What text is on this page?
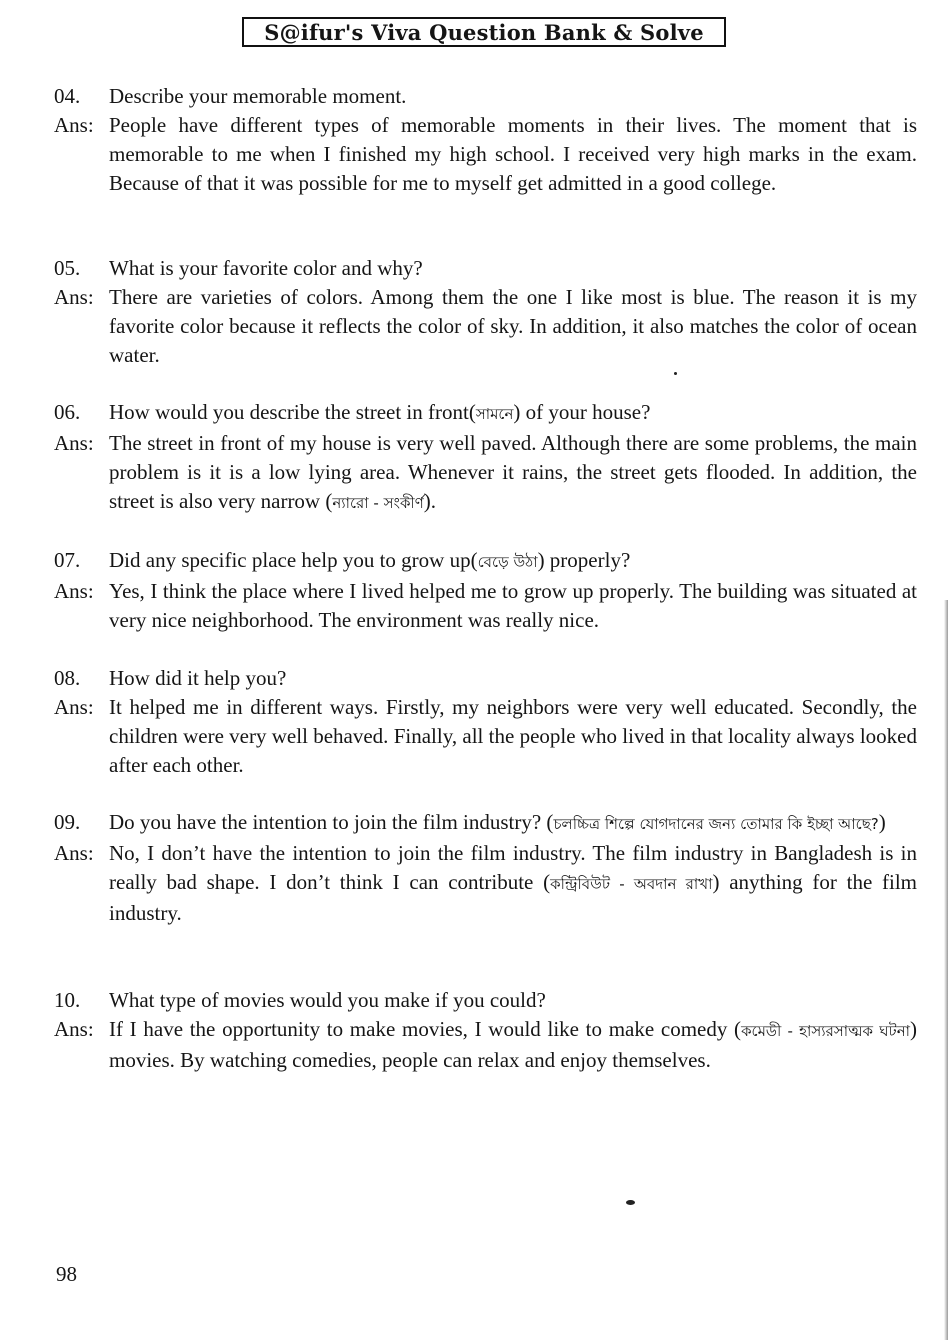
S@ifur's Viva Question Bank & Solve
04.	Describe your memorable moment.
Ans: People have different types of memorable moments in their lives. The moment that is memorable to me when I finished my high school. I received very high marks in the exam. Because of that it was possible for me to myself get admitted in a good college.
05.	What is your favorite color and why?
Ans: There are varieties of colors. Among them the one I like most is blue. The reason it is my favorite color because it reflects the color of sky. In addition, it also matches the color of ocean water.
06.	How would you describe the street in front(সামনে) of your house?
Ans: The street in front of my house is very well paved. Although there are some problems, the main problem is it is a low lying area. Whenever it rains, the street gets flooded. In addition, the street is also very narrow (ন্যারো - সংকীর্ণ).
07.	Did any specific place help you to grow up(বেড়ে উঠা) properly?
Ans: Yes, I think the place where I lived helped me to grow up properly. The building was situated at very nice neighborhood. The environment was really nice.
08.	How did it help you?
Ans: It helped me in different ways. Firstly, my neighbors were very well educated. Secondly, the children were very well behaved. Finally, all the people who lived in that locality always looked after each other.
09.	Do you have the intention to join the film industry? (চলচ্চিত্র শিল্পে যোগদানের জন্য তোমার কি ইচ্ছা আছে?)
Ans: No, I don’t have the intention to join the film industry. The film industry in Bangladesh is in really bad shape. I don’t think I can contribute (কন্ট্রিবিউট - অবদান রাখা) anything for the film industry.
10.	What type of movies would you make if you could?
Ans: If I have the opportunity to make movies, I would like to make comedy (কমেডী - হাস্যরসাত্মক ঘটনা) movies. By watching comedies, people can relax and enjoy themselves.
98
